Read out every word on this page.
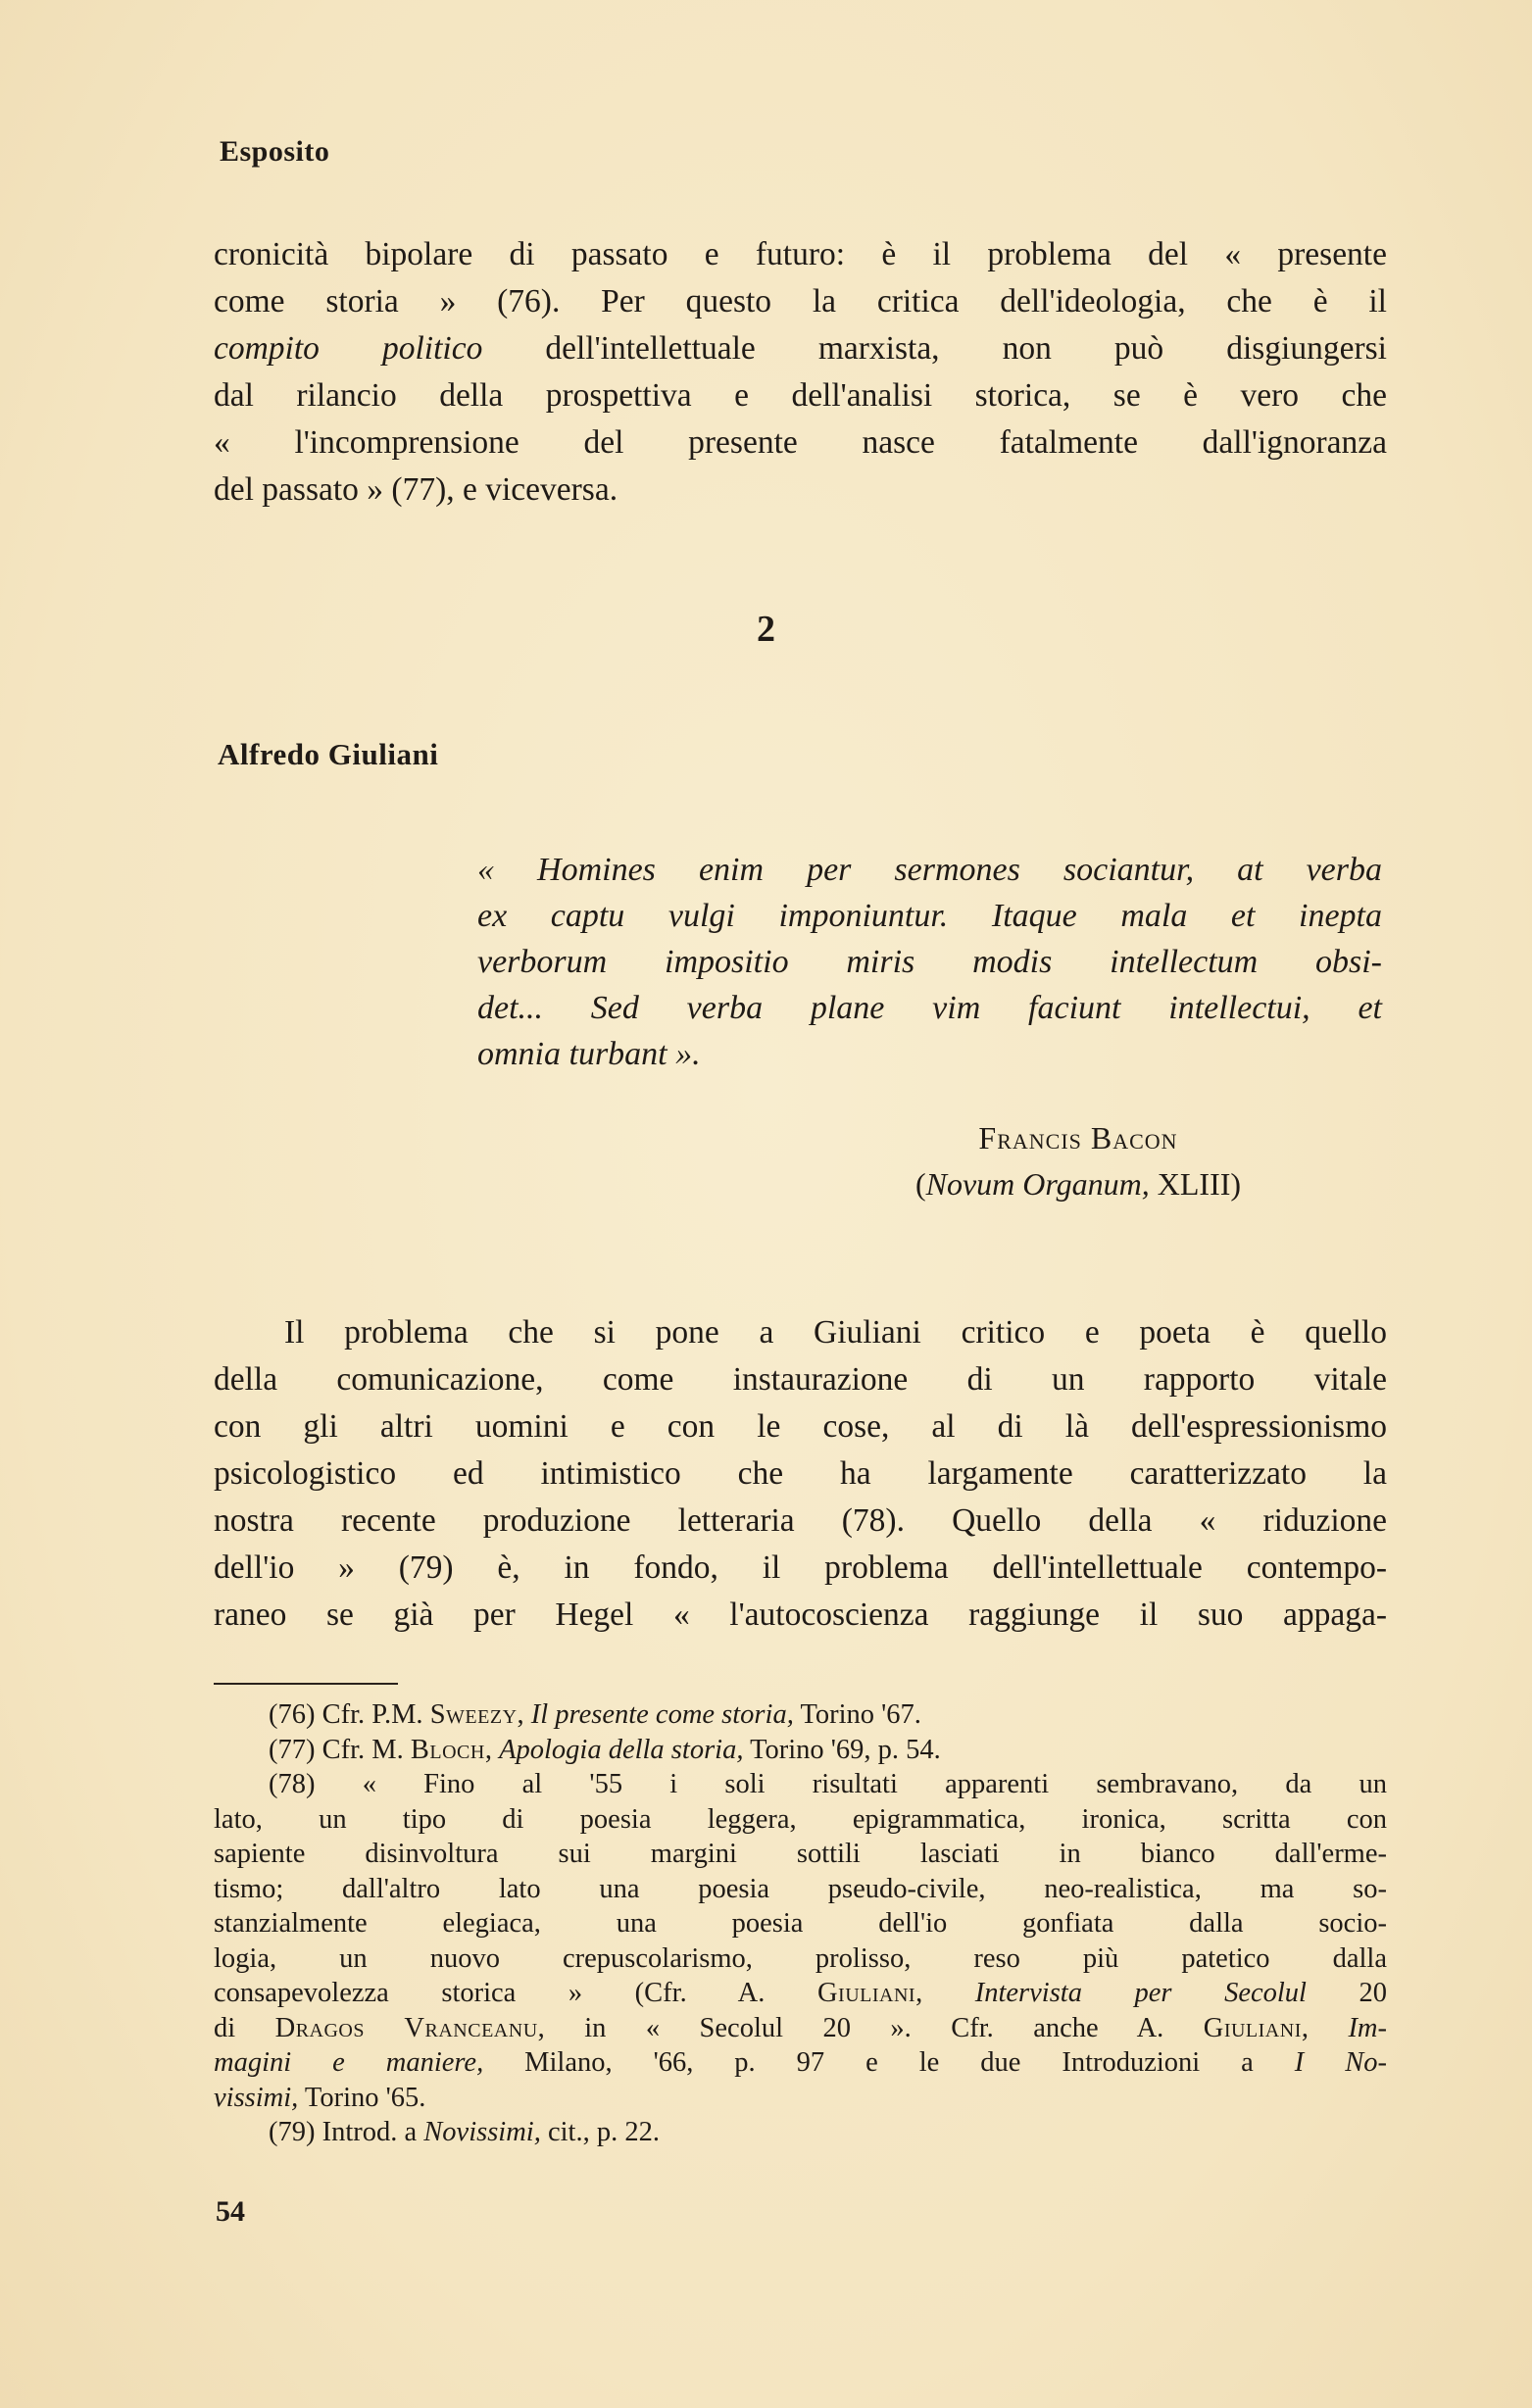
Esposito
cronicità bipolare di passato e futuro: è il problema del « presente
come storia » (76). Per questo la critica dell'ideologia, che è il
compito politico dell'intellettuale marxista, non può disgiungersi
dal rilancio della prospettiva e dell'analisi storica, se è vero che
« l'incomprensione del presente nasce fatalmente dall'ignoranza
del passato » (77), e viceversa.
2
Alfredo Giuliani
« Homines enim per sermones sociantur, at verba
ex captu vulgi imponiuntur. Itaque mala et inepta
verborum impositio miris modis intellectum obsi-
det... Sed verba plane vim faciunt intellectui, et
omnia turbant ».
Francis Bacon
(Novum Organum, XLIII)
Il problema che si pone a Giuliani critico e poeta è quello
della comunicazione, come instaurazione di un rapporto vitale
con gli altri uomini e con le cose, al di là dell'espressionismo
psicologistico ed intimistico che ha largamente caratterizzato la
nostra recente produzione letteraria (78). Quello della « riduzione
dell'io » (79) è, in fondo, il problema dell'intellettuale contempo-
raneo se già per Hegel « l'autocoscienza raggiunge il suo appaga-
(76) Cfr. P.M. Sweezy, Il presente come storia, Torino '67.
(77) Cfr. M. Bloch, Apologia della storia, Torino '69, p. 54.
(78) « Fino al '55 i soli risultati apparenti sembravano, da un
lato, un tipo di poesia leggera, epigrammatica, ironica, scritta con
sapiente disinvoltura sui margini sottili lasciati in bianco dall'erme-
tismo; dall'altro lato una poesia pseudo-civile, neo-realistica, ma so-
stanzialmente elegiaca, una poesia dell'io gonfiata dalla socio-
logia, un nuovo crepuscolarismo, prolisso, reso più patetico dalla
consapevolezza storica » (Cfr. A. Giuliani, Intervista per Secolul 20
di Dragos Vranceanu, in « Secolul 20 ». Cfr. anche A. Giuliani, Im-
magini e maniere, Milano, '66, p. 97 e le due Introduzioni a I No-
vissimi, Torino '65.
(79) Introd. a Novissimi, cit., p. 22.
54
